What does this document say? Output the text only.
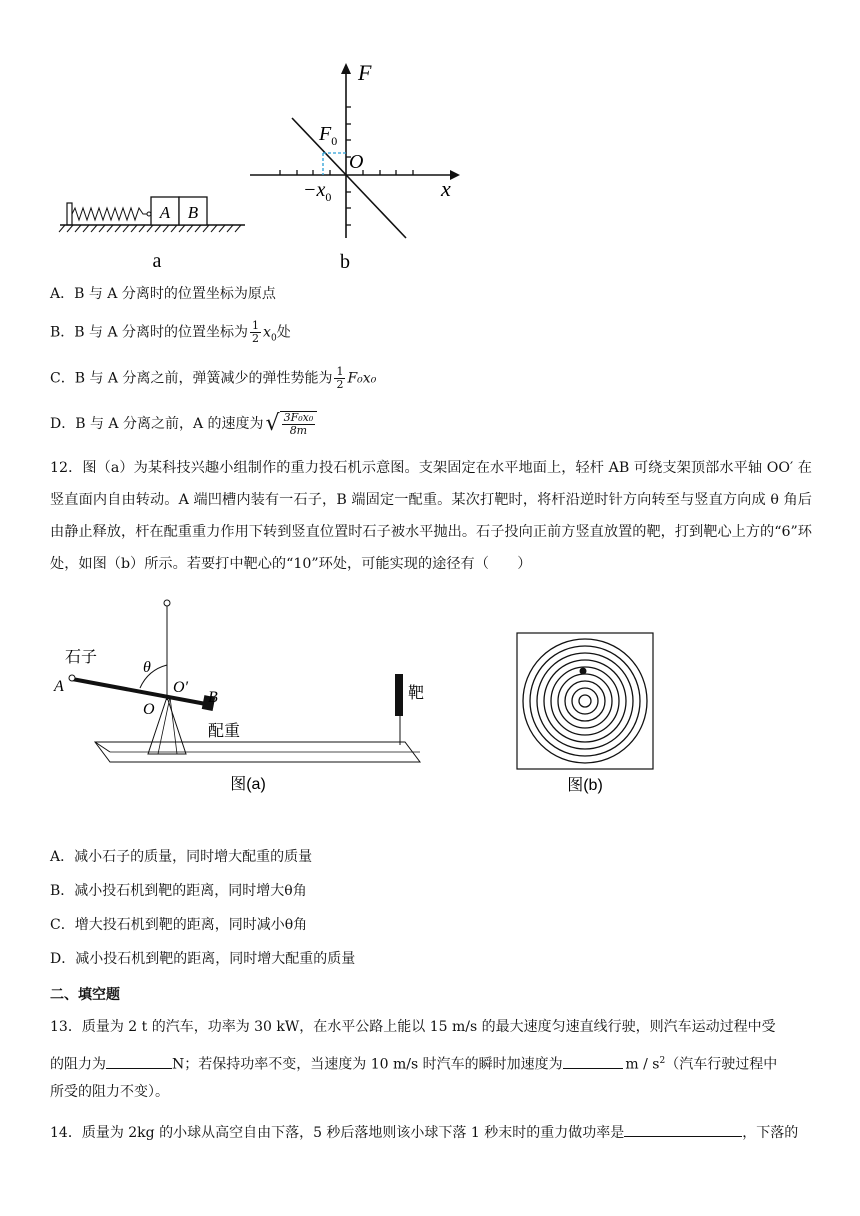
A B
a
F
x
O
$F_0$
$-x_0$
b
A．B 与 A 分离时的位置坐标为原点
B．B 与 A 分离时的位置坐标为 $\frac{1}{2} x_0$处
C．B 与 A 分离之前，弹簧减少的弹性势能为 $\frac{1}{2} F_0x_0$
D．B 与 A 分离之前，A 的速度为√ $\frac{\text{3F₀x₀}}{8m}$
12．图（a）为某科技兴趣小组制作的重力投石机示意图。支架固定在水平地面上，轻杆 AB 可绕支架顶部水平轴 OO′ 在竖直面内自由转动。A 端凹槽内装有一石子，B 端固定一配重。某次打靶时，将杆沿逆时针方向转至与竖直方向成 θ 角后由静止释放，杆在配重重力作用下转到竖直位置时石子被水平抛出。石子投向正前方竖直放置的靶，打到靶心上方的“6”环处，如图（b）所示。若要打中靶心的“10”环处，可能实现的途径有（　　）
石子
A
θ
O′
B
O
配重
靶
图(a)	图(b)
A．减小石子的质量，同时增大配重的质量
B．减小投石机到靶的距离，同时增大θ角
C．增大投石机到靶的距离，同时减小θ角
D．减小投石机到靶的距离，同时增大配重的质量
二、填空题
13．质量为 2 t 的汽车，功率为 30 kW，在水平公路上能以 15 m/s 的最大速度匀速直线行驶，则汽车运动过程中受
的阻力为	N；若保持功率不变，当速度为 10 m/s 时汽车的瞬时加速度为 	m / $s^2$（汽车行驶过程中
所受的阻力不变）。
14．质量为 2kg 的小球从高空自由下落，5 秒后落地则该小球下落 1 秒末时的重力做功率是	，下落的
